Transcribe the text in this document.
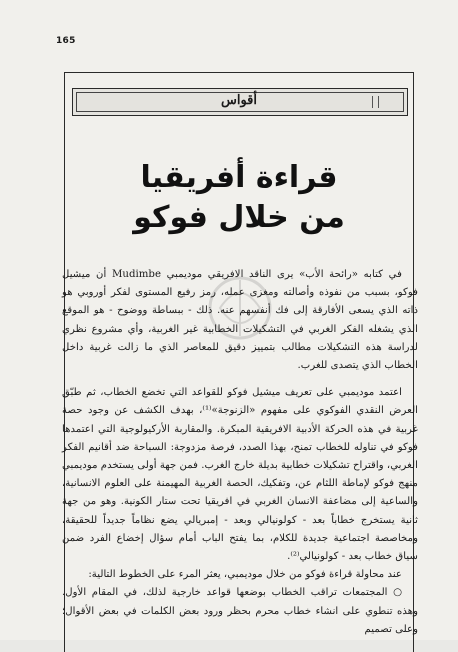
165
أقواس
قراءة أفريقيا
من خلال فوكو

في كتابه «رائحة الأب» يرى الناقد الافريقي موديمبي Mudimbe أن ميشيل فوكو، بسبب من نفوذه وأصالته ومغزى عمله، رمز رفيع المستوى لفكر أوروبي هو ذاته الذي يسعى الأفارقة إلى فك أنفسهم عنه. ذلك - ببساطة ووضوح - هو الموقع الذي يشغله الفكر الغربي في التشكيلات الخطابية غير الغربية، وأي مشروع نظري لدراسة هذه التشكيلات مطالب بتمييز دقيق للمعاصر الذي ما زالت غربية داخل الخطاب الذي يتصدى للغرب.

اعتمد موديمبي على تعريف ميشيل فوكو للقواعد التي تخضع الخطاب، ثم طبّق العرض النقدي الفوكوي على مفهوم «الزنوجة»⁽¹⁾، بهدف الكشف عن وجود حصة غربية في هذه الحركة الأدبية الافريقية المبكرة. والمقاربة الأركيولوجية التي اعتمدها فوكو في تناوله للخطاب تمنح، بهذا الصدد، فرصة مزدوجة: السباحة ضد أقانيم الفكر الغربي، واقتراح تشكيلات خطابية بديلة خارج الغرب. فمن جهة أولى يستخدم موديمبي منهج فوكو لإماطة اللثام عن، وتفكيك، الحصة الغربية المهيمنة على العلوم الانسانية، والساعية إلى مضاعفة الانسان الغربي في افريقيا تحت ستار الكونية. وهو من جهة ثانية يستخرج خطاباً بعد - كولونيالي وبعد - إمبريالي يضع نظاماً جديداً للحقيقة، ومخاصصة اجتماعية جديدة للكلام، بما يفتح الباب أمام سؤال إخضاع الفرد ضمن سياق خطاب بعد - كولونيالي⁽²⁾.

عند محاولة قراءة فوكو من خلال موديمبي، يعثر المرء على الخطوط التالية:

○ المجتمعات تراقب الخطاب بوضعها قواعد خارجية لذلك، في المقام الأول. وهذه تنطوي على انشاء خطاب محرم بحظر ورود بعض الكلمات في بعض الأقوال؛ وعلى تصميم
